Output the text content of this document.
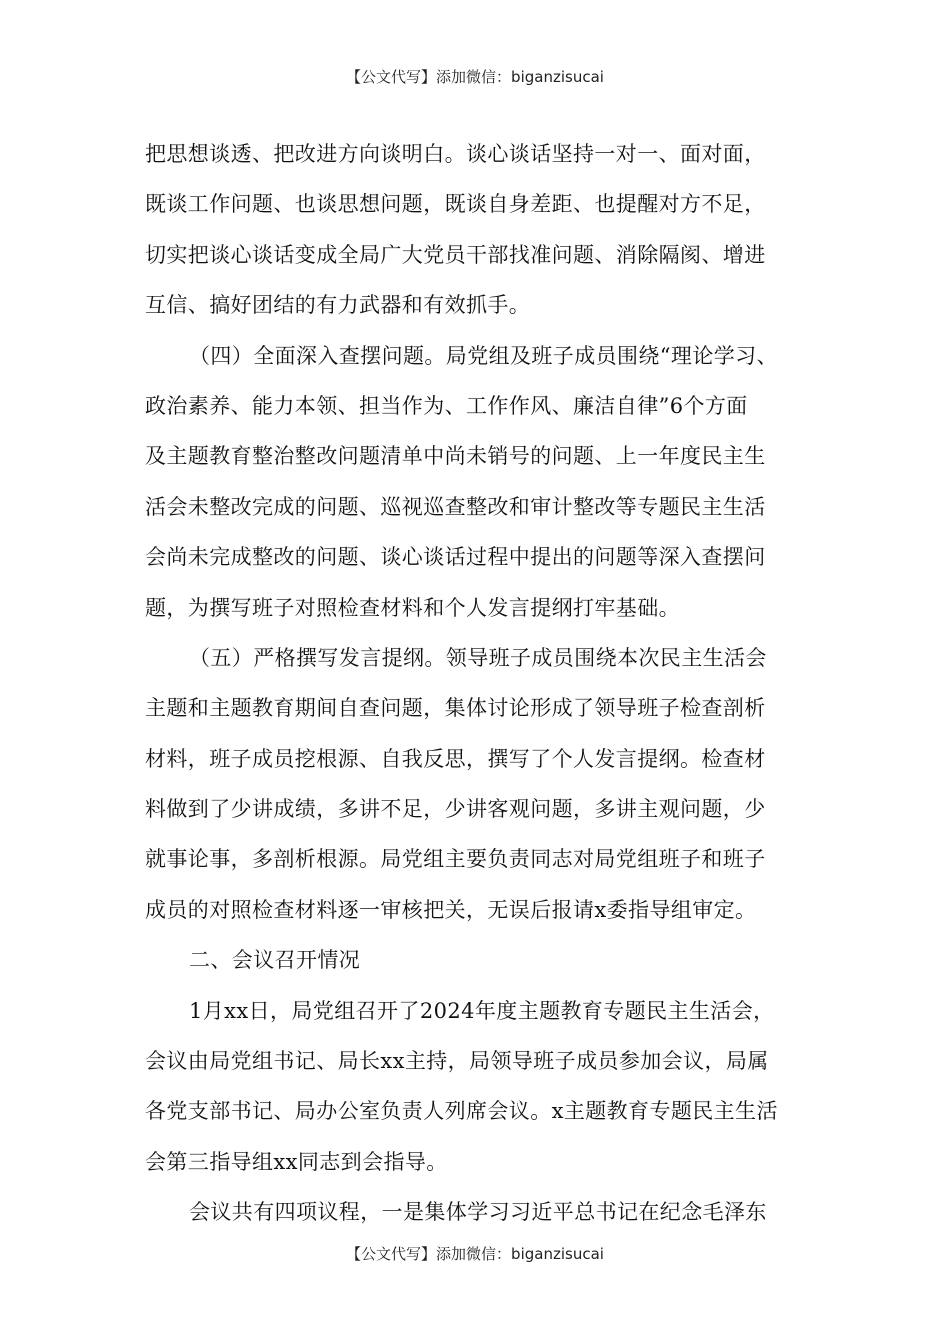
【公文代写】添加微信：biganzisucai
把思想谈透、把改进方向谈明白。谈心谈话坚持一对一、面对面，
既谈工作问题、也谈思想问题，既谈自身差距、也提醒对方不足，
切实把谈心谈话变成全局广大党员干部找准问题、消除隔阂、增进
互信、搞好团结的有力武器和有效抓手。
（四）全面深入查摆问题。局党组及班子成员围绕“理论学习、
政治素养、能力本领、担当作为、工作作风、廉洁自律”6个方面
及主题教育整治整改问题清单中尚未销号的问题、上一年度民主生
活会未整改完成的问题、巡视巡查整改和审计整改等专题民主生活
会尚未完成整改的问题、谈心谈话过程中提出的问题等深入查摆问
题，为撰写班子对照检查材料和个人发言提纲打牢基础。
（五）严格撰写发言提纲。领导班子成员围绕本次民主生活会
主题和主题教育期间自查问题，集体讨论形成了领导班子检查剖析
材料，班子成员挖根源、自我反思，撰写了个人发言提纲。检查材
料做到了少讲成绩，多讲不足，少讲客观问题，多讲主观问题，少
就事论事，多剖析根源。局党组主要负责同志对局党组班子和班子
成员的对照检查材料逐一审核把关，无误后报请x委指导组审定。
二、会议召开情况
1月xx日，局党组召开了2024年度主题教育专题民主生活会，
会议由局党组书记、局长xx主持，局领导班子成员参加会议，局属
各党支部书记、局办公室负责人列席会议。x主题教育专题民主生活
会第三指导组xx同志到会指导。
会议共有四项议程，一是集体学习习近平总书记在纪念毛泽东
【公文代写】添加微信：biganzisucai
